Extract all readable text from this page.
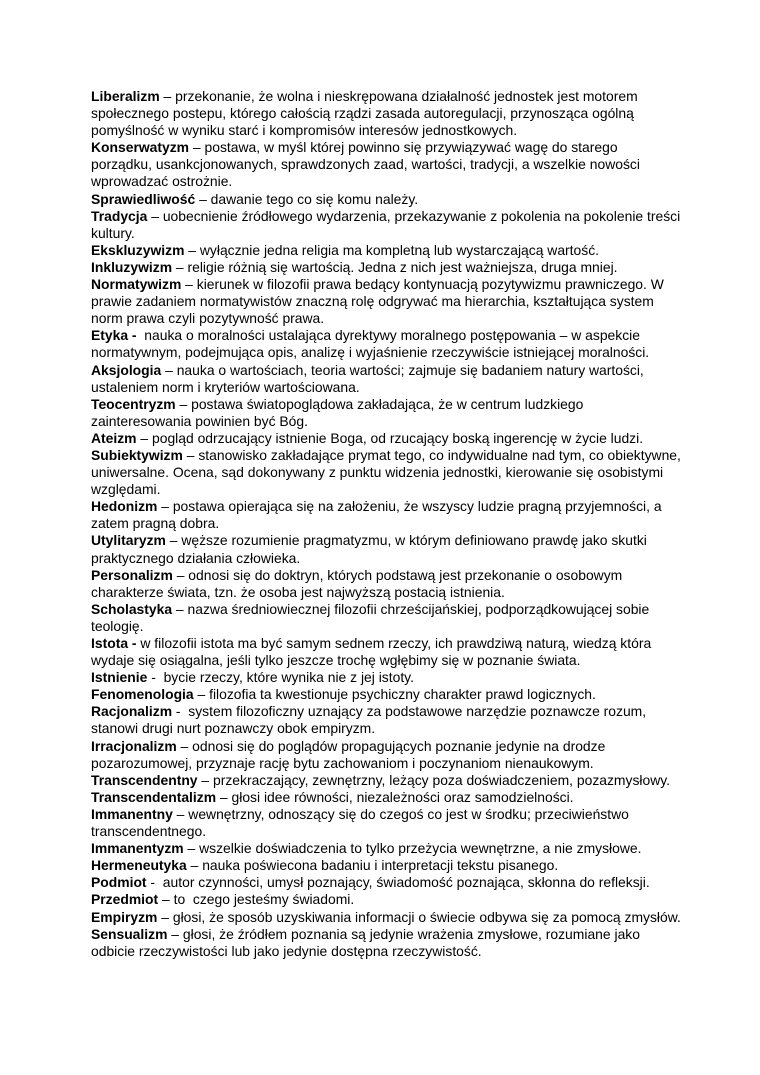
Liberalizm – przekonanie, że wolna i nieskrępowana działalność jednostek jest motorem społecznego postepu, którego całością rządzi zasada autoregulacji, przynosząca ogólną pomyślność w wyniku starć i kompromisów interesów jednostkowych.

Konserwatyzm – postawa, w myśl której powinno się przywiązywać wagę do starego porządku, usankcjonowanych, sprawdzonych zaad, wartości, tradycji, a wszelkie nowości wprowadzać ostrożnie.

Sprawiedliwość – dawanie tego co się komu należy.

Tradycja – uobecnienie źródłowego wydarzenia, przekazywanie z pokolenia na pokolenie treści kultury.

Ekskluzywizm – wyłącznie jedna religia ma kompletną lub wystarczającą wartość.

Inkluzywizm – religie różnią się wartością. Jedna z nich jest ważniejsza, druga mniej.

Normatywizm – kierunek w filozofii prawa bedący kontynuacją pozytywizmu prawniczego. W prawie zadaniem normatywistów znaczną rolę odgrywać ma hierarchia, kształtująca system norm prawa czyli pozytywność prawa.

Etyka - nauka o moralności ustalająca dyrektywy moralnego postępowania – w aspekcie normatywnym, podejmująca opis, analizę i wyjaśnienie rzeczywiście istniejącej moralności.

Aksjologia – nauka o wartościach, teoria wartości; zajmuje się badaniem natury wartości, ustaleniem norm i kryteriów wartościowana.

Teocentryzm – postawa światopoglądowa zakładająca, że w centrum ludzkiego zainteresowania powinien być Bóg.

Ateizm – pogląd odrzucający istnienie Boga, od rzucający boską ingerencję w życie ludzi.

Subiektywizm – stanowisko zakładające prymat tego, co indywidualne nad tym, co obiektywne, uniwersalne. Ocena, sąd dokonywany z punktu widzenia jednostki, kierowanie się osobistymi względami.

Hedonizm – postawa opierająca się na założeniu, że wszyscy ludzie pragną przyjemności, a zatem pragną dobra.

Utylitaryzm – węższe rozumienie pragmatyzmu, w którym definiowano prawdę jako skutki praktycznego działania człowieka.

Personalizm – odnosi się do doktryn, których podstawą jest przekonanie o osobowym charakterze świata, tzn. że osoba jest najwyższą postacią istnienia.

Scholastyka – nazwa średniowiecznej filozofii chrześcijańskiej, podporządkowującej sobie teologię.

Istota - w filozofii istota ma być samym sednem rzeczy, ich prawdziwą naturą, wiedzą która wydaje się osiągalna, jeśli tylko jeszcze trochę wgłębimy się w poznanie świata.

Istnienie -  bycie rzeczy, które wynika nie z jej istoty.

Fenomenologia – filozofia ta kwestionuje psychiczny charakter prawd logicznych.

Racjonalizm -  system filozoficzny uznający za podstawowe narzędzie poznawcze rozum, stanowi drugi nurt poznawczy obok empiryzm.

Irracjonalizm – odnosi się do poglądów propagujących poznanie jedynie na drodze pozarozumowej, przyznaje rację bytu zachowaniom i poczynaniom nienaukowym.

Transcendentny – przekraczający, zewnętrzny, leżący poza doświadczeniem, pozazmysłowy.

Transcendentalizm – głosi idee równości, niezależności oraz samodzielności.

Immanentny – wewnętrzny, odnoszący się do czegoś co jest w środku; przeciwieństwo transcendentnego.

Immanentyzm – wszelkie doświadczenia to tylko przeżycia wewnętrzne, a nie zmysłowe.

Hermeneutyka – nauka poświecona badaniu i interpretacji tekstu pisanego.

Podmiot -  autor czynności, umysł poznający, świadomość poznająca, skłonna do refleksji.

Przedmiot – to  czego jesteśmy świadomi.

Empiryzm – głosi, że sposób uzyskiwania informacji o świecie odbywa się za pomocą zmysłów.

Sensualizm – głosi, że źródłem poznania są jedynie wrażenia zmysłowe, rozumiane jako odbicie rzeczywistości lub jako jedynie dostępna rzeczywistość.
